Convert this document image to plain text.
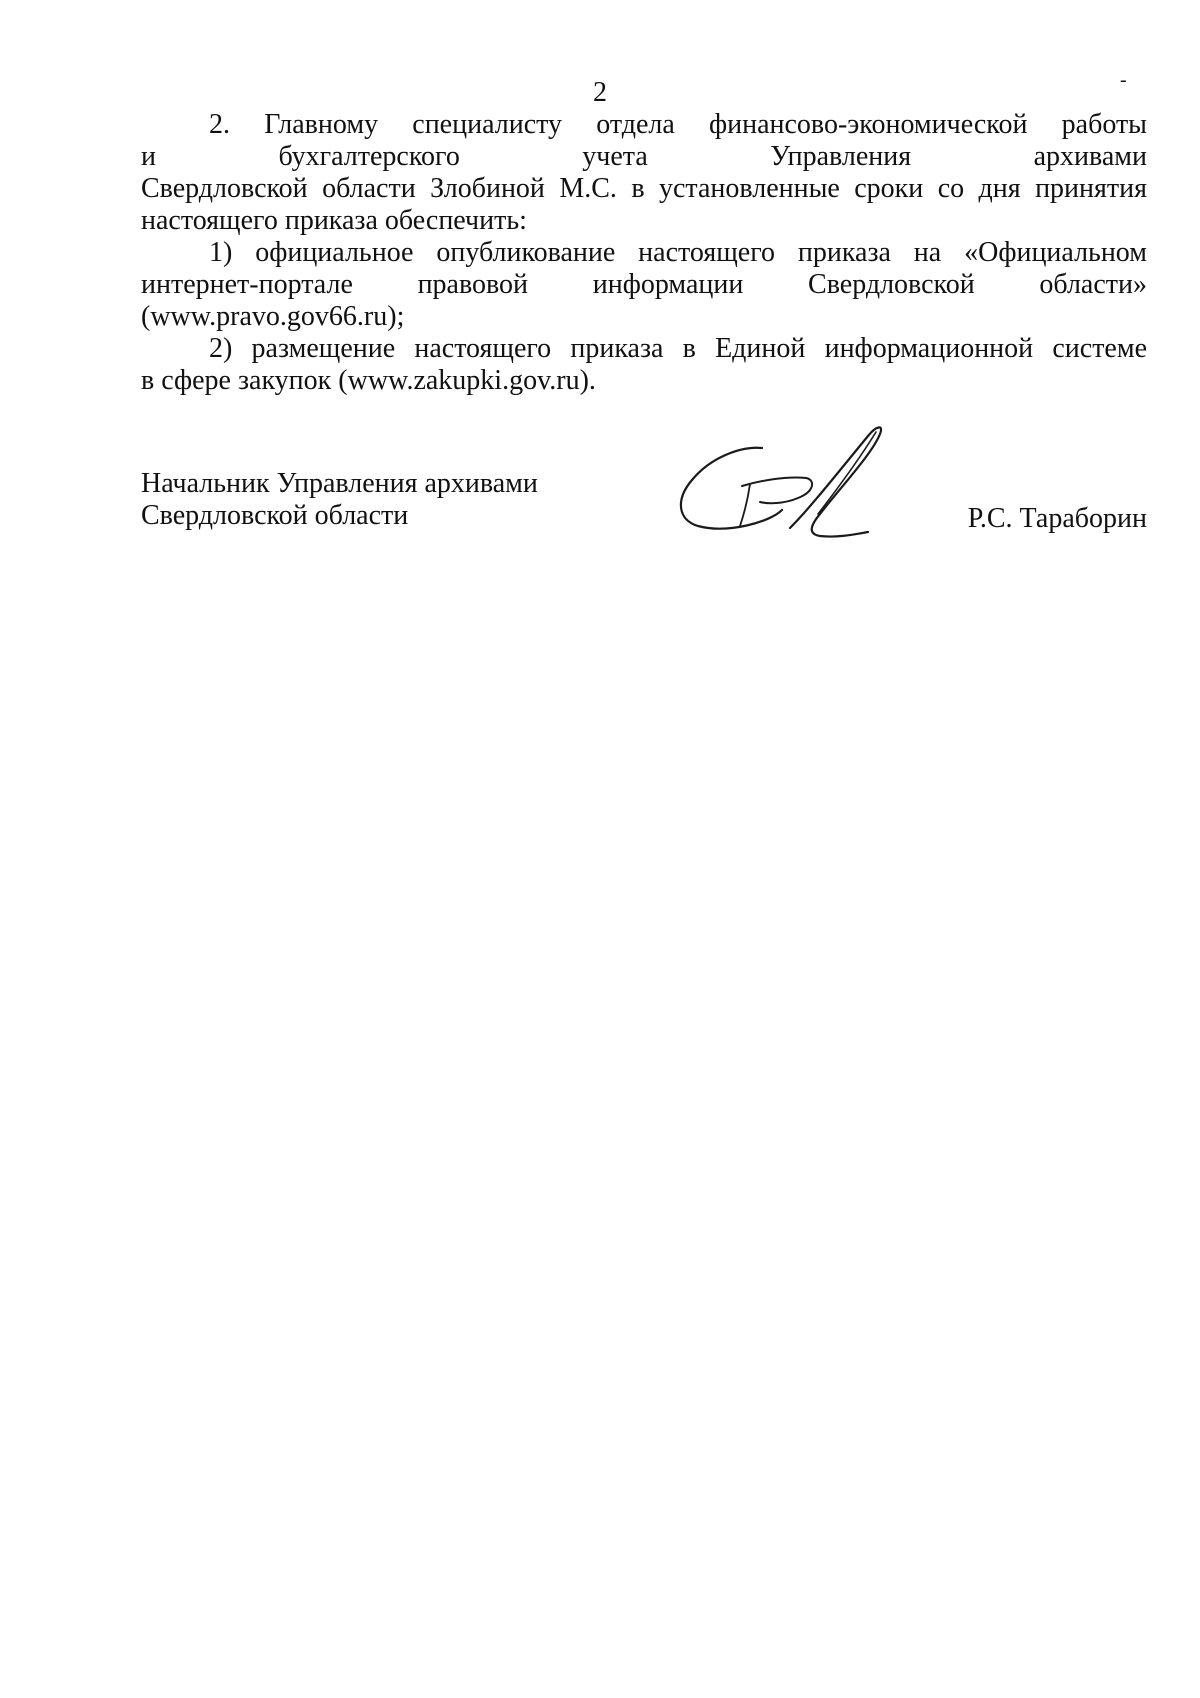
2	-

2. Главному специалисту отдела финансово-экономической работы
и бухгалтерского учета Управления архивами
Свердловской области Злобиной М.С. в установленные сроки со дня принятия
настоящего приказа обеспечить:

1) официальное опубликование настоящего приказа на «Официальном
интернет-портале правовой информации Свердловской области»
(www.pravo.gov66.ru);

2) размещение настоящего приказа в Единой информационной системе
в сфере закупок (www.zakupki.gov.ru).

Начальник Управления архивами
Свердловской области	Р.С. Тараборин
